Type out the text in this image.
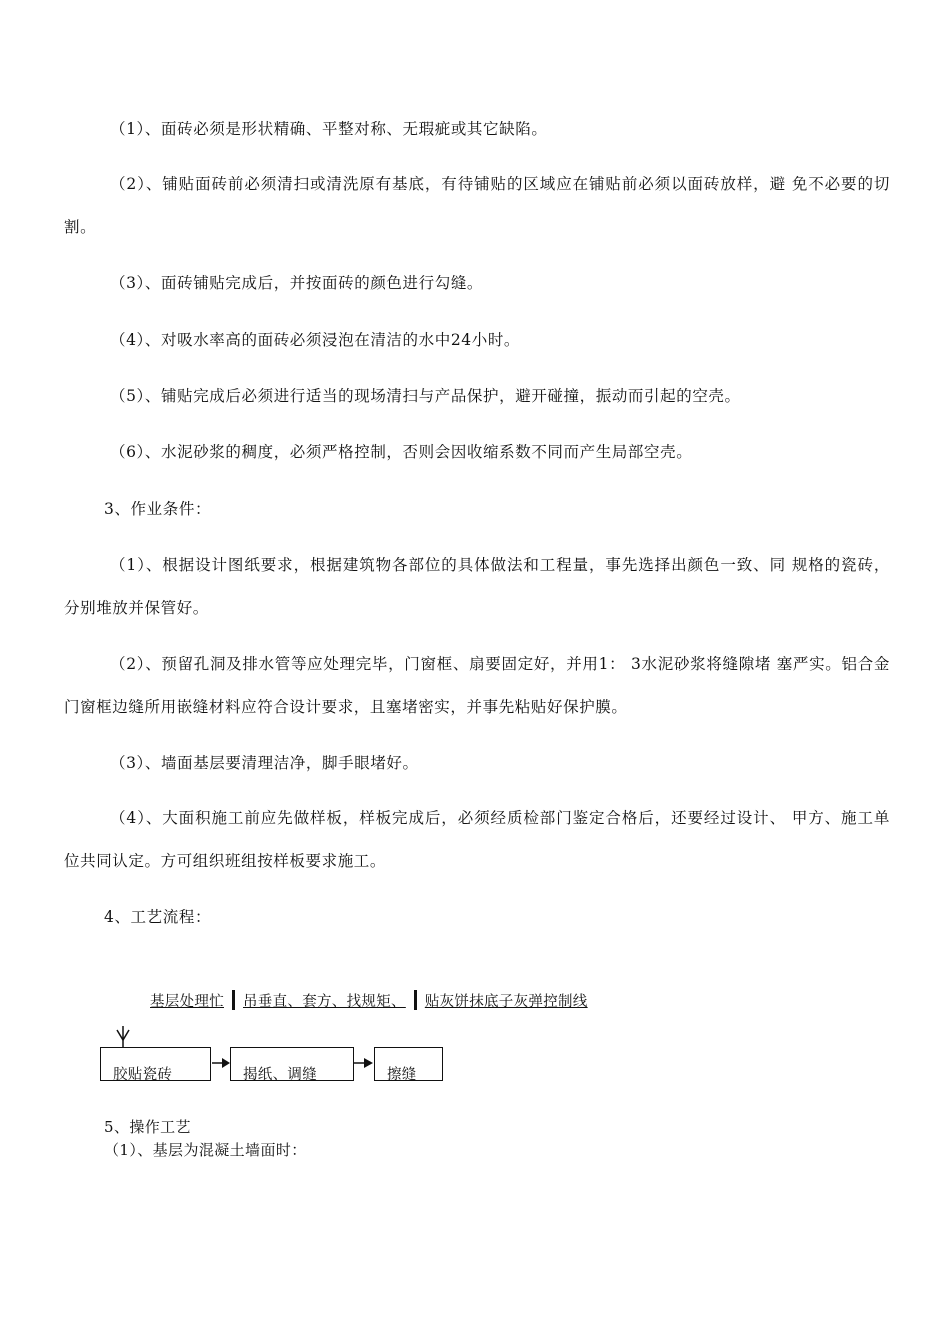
（1）、面砖必须是形状精确、平整对称、无瑕疵或其它缺陷。

（2）、铺贴面砖前必须清扫或清洗原有基底，有待铺贴的区域应在铺贴前必须以面砖放样，避 免不必要的切割。

（3）、面砖铺贴完成后，并按面砖的颜色进行勾缝。

（4）、对吸水率高的面砖必须浸泡在清洁的水中24小时。

（5）、铺贴完成后必须进行适当的现场清扫与产品保护，避开碰撞，振动而引起的空壳。

（6）、水泥砂浆的稠度，必须严格控制，否则会因收缩系数不同而产生局部空壳。

3、作业条件：

（1）、根据设计图纸要求，根据建筑物各部位的具体做法和工程量，事先选择出颜色一致、同 规格的瓷砖，分别堆放并保管好。

（2）、预留孔洞及排水管等应处理完毕，门窗框、扇要固定好，并用1： 3水泥砂浆将缝隙堵 塞严实。铝合金门窗框边缝所用嵌缝材料应符合设计要求，且塞堵密实，并事先粘贴好保护膜。

（3）、墙面基层要清理洁净，脚手眼堵好。

（4）、大面积施工前应先做样板，样板完成后，必须经质检部门鉴定合格后，还要经过设计、 甲方、施工单位共同认定。方可组织班组按样板要求施工。

4、工艺流程：
基层处理忙 吊垂直、套方、找规矩、 贴灰饼抹底子灰弹控制线
胶贴瓷砖	揭纸、调缝	擦缝
5、操作工艺
（1）、基层为混凝土墙面时：
